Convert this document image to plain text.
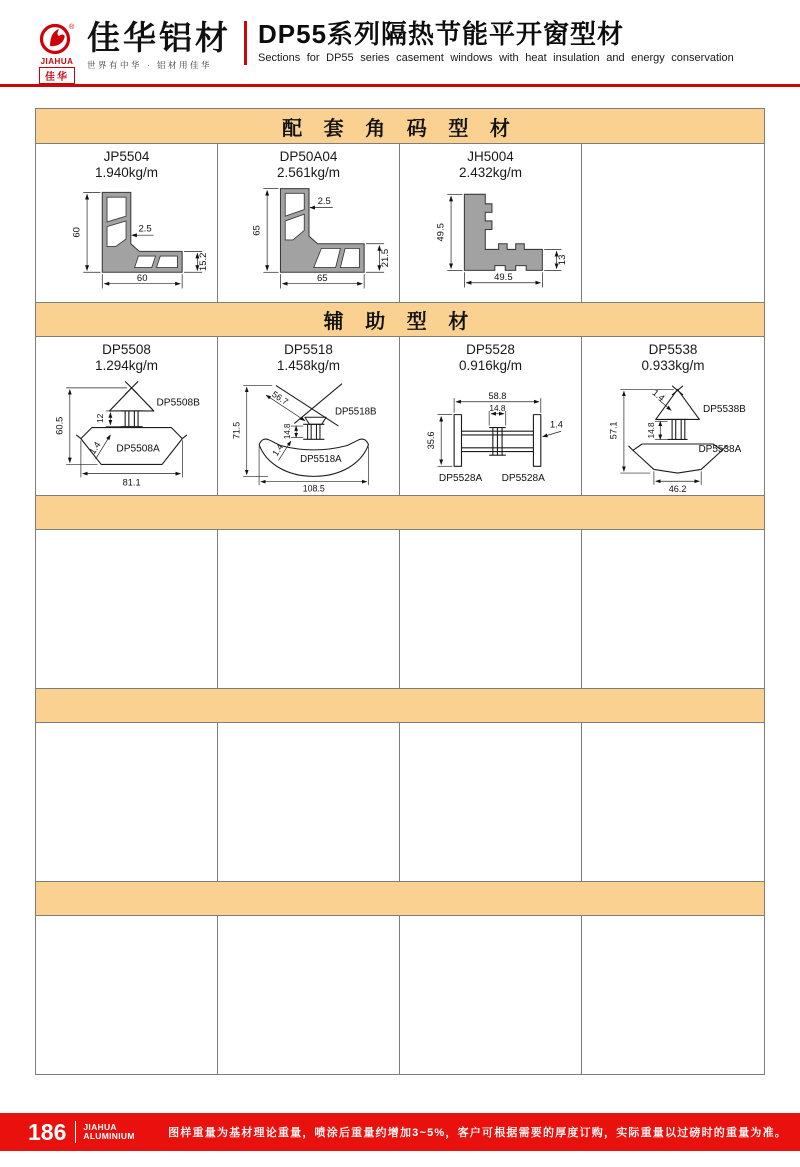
®
JIAHUA
佳华
佳华铝材
世界有中华 · 铝材用佳华
DP55系列隔热节能平开窗型材
Sections for DP55 series casement windows with heat insulation and energy conservation
配 套 角 码 型 材
JP5504
1.940kg/m
60	2.5
60
15.2
DP50A04
2.561kg/m
2.5
65
65
21.5
JH5004
2.432kg/m
49.5
49.5
13
辅 助 型 材
DP5508
1.294kg/m
DP5508B
DP5508A
60.5	12
1.4
81.1
DP5518
1.458kg/m
DP5518B
DP5518A
56.7
14.8
1.4
71.5
108.5
DP5528
0.916kg/m
58.8
14.8
35.6
1.4
DP5528A DP5528A
DP5538
0.933kg/m
1.4
DP5538B
DP5538A
57.1	14.8
46.2
186 JIAHUA
ALUMINIUM	图样重量为基材理论重量，喷涂后重量约增加3~5%，客户可根据需要的厚度订购，实际重量以过磅时的重量为准。
